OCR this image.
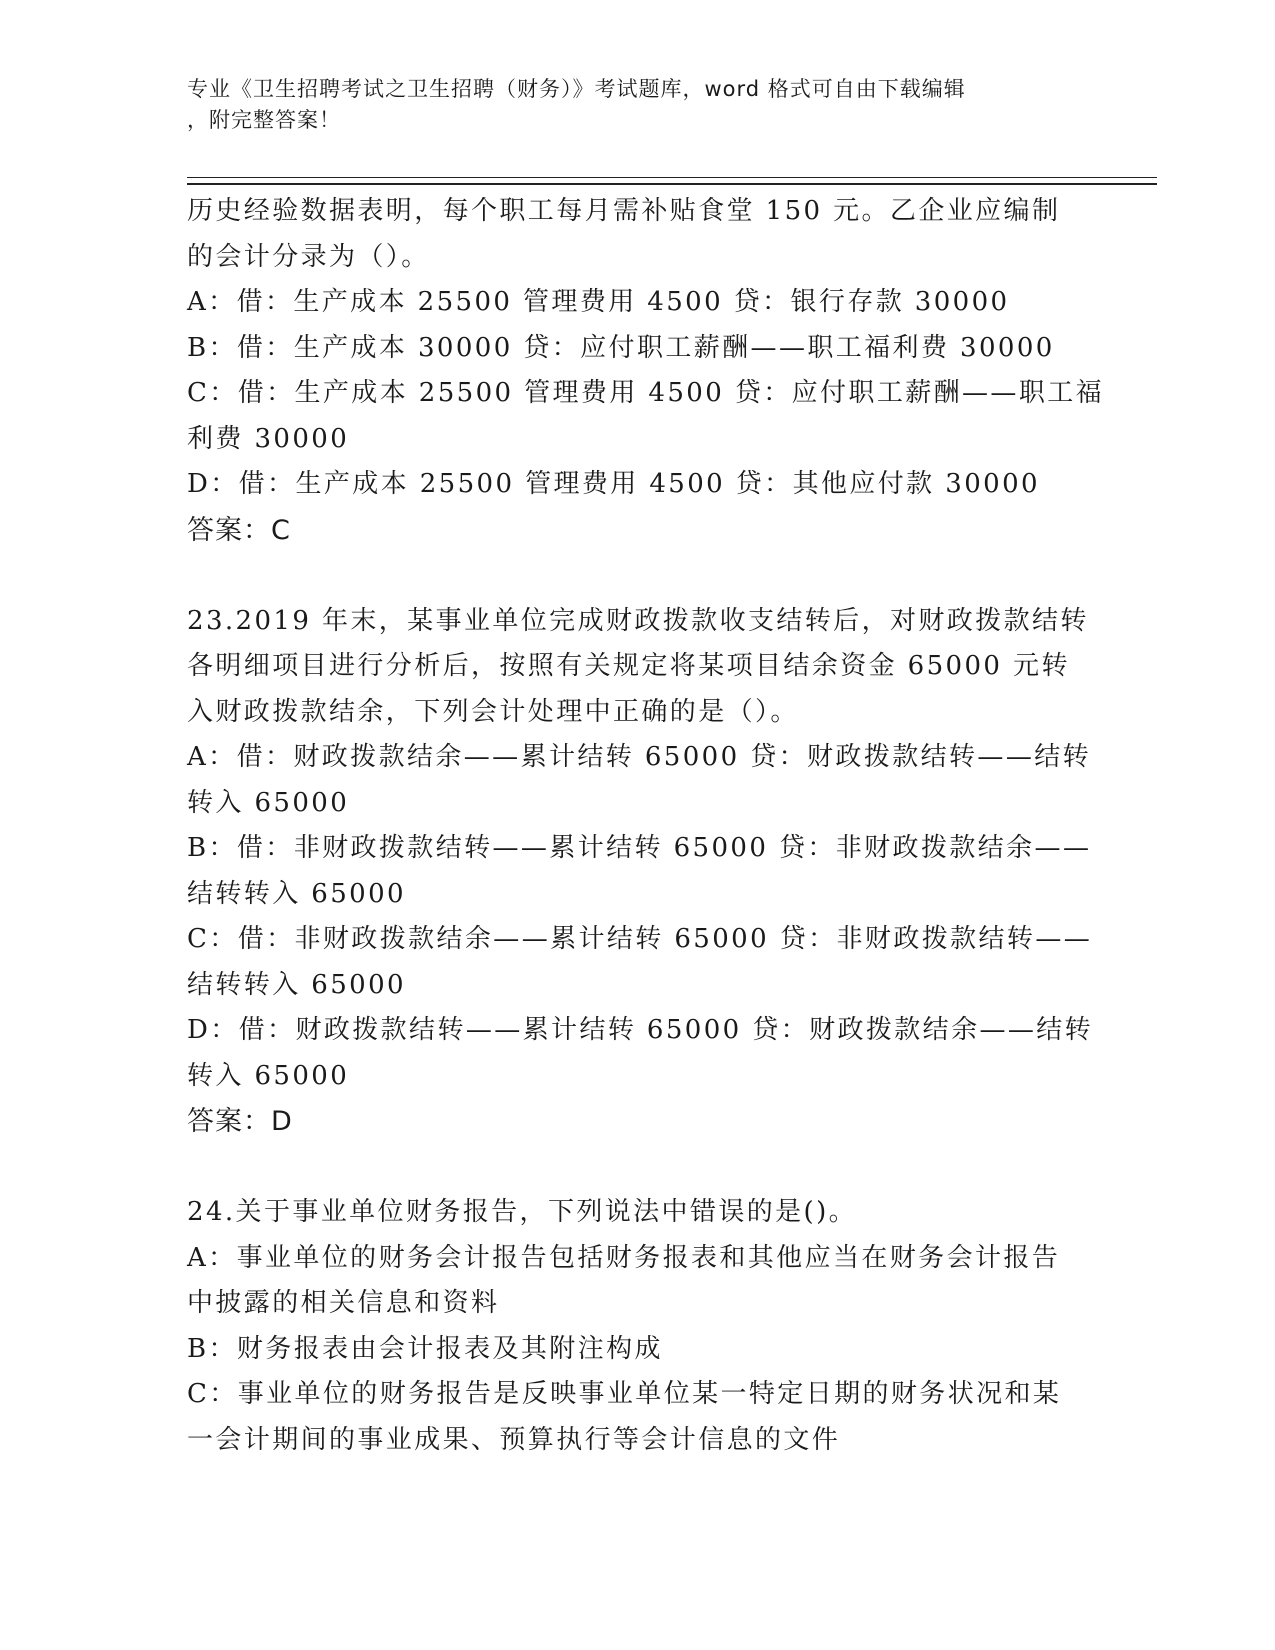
专业《卫生招聘考试之卫生招聘（财务）》考试题库，word 格式可自由下载编辑
，附完整答案！
历史经验数据表明，每个职工每月需补贴食堂 150 元。乙企业应编制
的会计分录为（）。
A：借：生产成本 25500 管理费用 4500 贷：银行存款 30000
B：借：生产成本 30000 贷：应付职工薪酬——职工福利费 30000
C：借：生产成本 25500 管理费用 4500 贷：应付职工薪酬——职工福
利费 30000
D：借：生产成本 25500 管理费用 4500 贷：其他应付款 30000
答案：C
23.2019 年末，某事业单位完成财政拨款收支结转后，对财政拨款结转
各明细项目进行分析后，按照有关规定将某项目结余资金 65000 元转
入财政拨款结余，下列会计处理中正确的是（）。
A：借：财政拨款结余——累计结转 65000 贷：财政拨款结转——结转
转入 65000
B：借：非财政拨款结转——累计结转 65000 贷：非财政拨款结余——
结转转入 65000
C：借：非财政拨款结余——累计结转 65000 贷：非财政拨款结转——
结转转入 65000
D：借：财政拨款结转——累计结转 65000 贷：财政拨款结余——结转
转入 65000
答案：D
24.关于事业单位财务报告，下列说法中错误的是()。
A：事业单位的财务会计报告包括财务报表和其他应当在财务会计报告
中披露的相关信息和资料
B：财务报表由会计报表及其附注构成
C：事业单位的财务报告是反映事业单位某一特定日期的财务状况和某
一会计期间的事业成果、预算执行等会计信息的文件
